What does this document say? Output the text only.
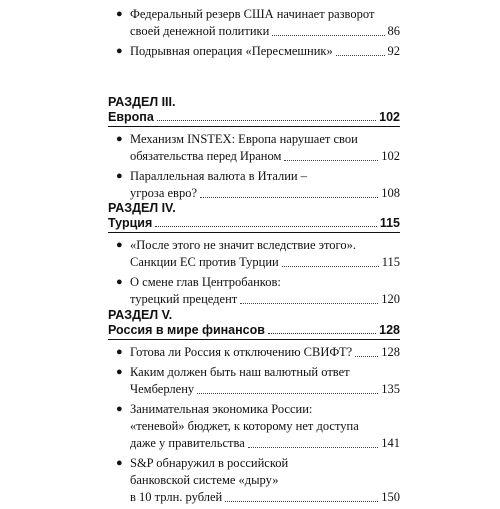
● Федеральный резерв США начинает разворот
своей денежной политики	86
● Подрывная операция «Пересмешник»	92
РАЗДЕЛ III.
Европа	102
● Механизм INSTEX: Европа нарушает свои
обязательства перед Ираном	102
● Параллельная валюта в Италии –
угроза евро?	108
РАЗДЕЛ IV.
Турция	115
● «После этого не значит вследствие этого».
Санкции ЕС против Турции	115
● О смене глав Центробанков:
турецкий прецедент	120
РАЗДЕЛ V.
Россия в мире финансов	128
● Готова ли Россия к отключению СВИФТ? 128
● Каким должен быть наш валютный ответ
Чемберлену	135
● Занимательная экономика России:
«теневой» бюджет, к которому нет доступа
даже у правительства	141
● S&P обнаружил в российской
банковской системе «дыру»
в 10 трлн. рублей	150
